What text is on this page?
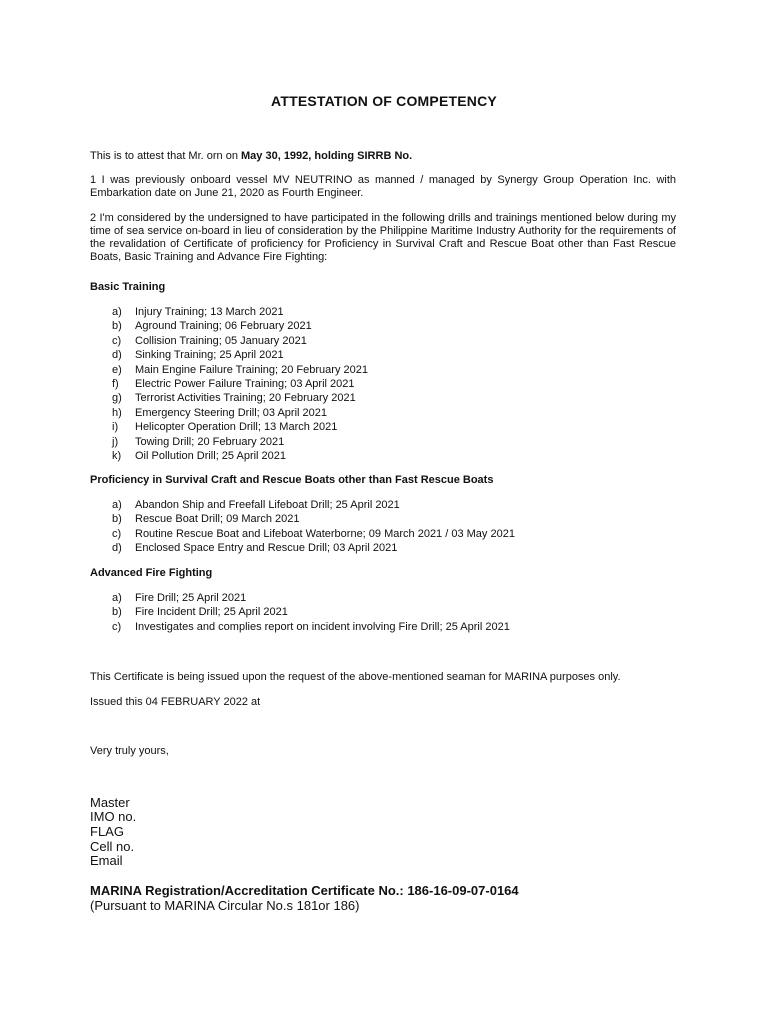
ATTESTATION OF COMPETENCY
This is to attest that Mr. orn on May 30, 1992, holding SIRRB No.
1 I was previously onboard vessel MV NEUTRINO as manned / managed by Synergy Group Operation Inc. with Embarkation date on June 21, 2020 as Fourth Engineer.
2 I'm considered by the undersigned to have participated in the following drills and trainings mentioned below during my time of sea service on-board in lieu of consideration by the Philippine Maritime Industry Authority for the requirements of the revalidation of Certificate of proficiency for Proficiency in Survival Craft and Rescue Boat other than Fast Rescue Boats, Basic Training and Advance Fire Fighting:
Basic Training
a) Injury Training; 13 March 2021
b) Aground Training; 06 February 2021
c) Collision Training; 05 January 2021
d) Sinking Training; 25 April 2021
e) Main Engine Failure Training; 20 February 2021
f) Electric Power Failure Training; 03 April 2021
g) Terrorist Activities Training; 20 February 2021
h) Emergency Steering Drill; 03 April 2021
i) Helicopter Operation Drill; 13 March 2021
j) Towing Drill; 20 February 2021
k) Oil Pollution Drill; 25 April 2021
Proficiency in Survival Craft and Rescue Boats other than Fast Rescue Boats
a) Abandon Ship and Freefall Lifeboat Drill; 25 April 2021
b) Rescue Boat Drill; 09 March 2021
c) Routine Rescue Boat and Lifeboat Waterborne; 09 March 2021 / 03 May 2021
d) Enclosed Space Entry and Rescue Drill; 03 April 2021
Advanced Fire Fighting
a) Fire Drill; 25 April 2021
b) Fire Incident Drill; 25 April 2021
c) Investigates and complies report on incident involving Fire Drill; 25 April 2021
This Certificate is being issued upon the request of the above-mentioned seaman for MARINA purposes only.
Issued this 04 FEBRUARY 2022 at
Very truly yours,
Master
IMO no.
FLAG
Cell no.
Email
MARINA Registration/Accreditation Certificate No.: 186-16-09-07-0164
(Pursuant to MARINA Circular No.s 181or 186)
